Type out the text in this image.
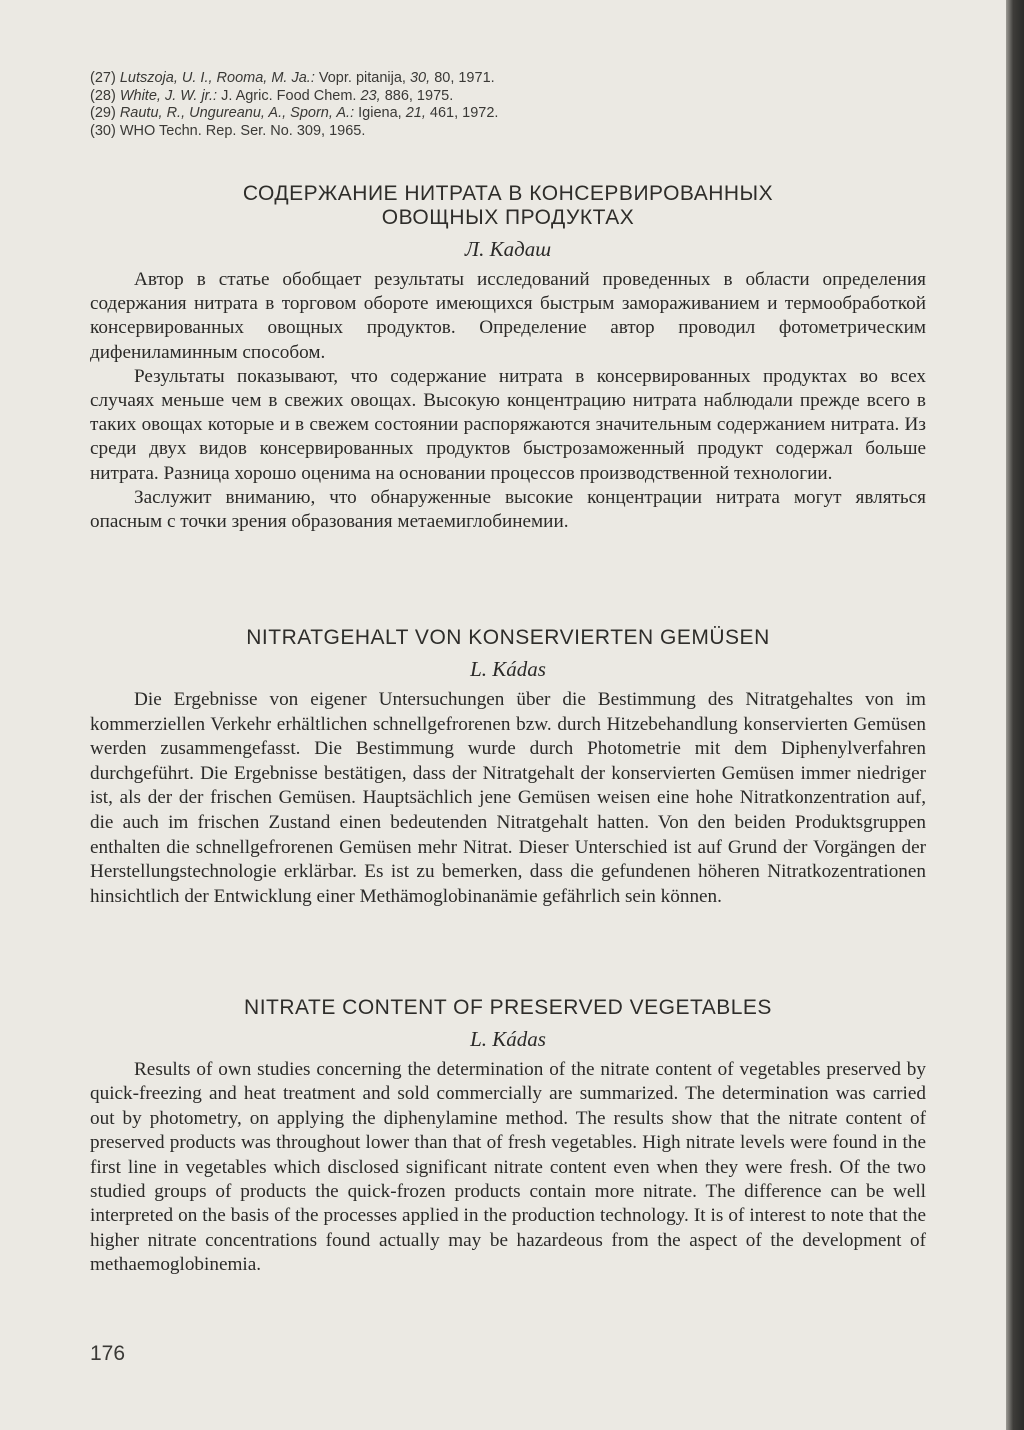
(27) Lutszoja, U. I., Rooma, M. Ja.: Vopr. pitanija, 30, 80, 1971.
(28) White, J. W. jr.: J. Agric. Food Chem. 23, 886, 1975.
(29) Rautu, R., Ungureanu, A., Sporn, A.: Igiena, 21, 461, 1972.
(30) WHO Techn. Rep. Ser. No. 309, 1965.
СОДЕРЖАНИЕ НИТРАТА В КОНСЕРВИРОВАННЫХ
ОВОЩНЫХ ПРОДУКТАХ
Л. Кадаш

Автор в статье обобщает результаты исследований проведенных в области определения содержания нитрата в торговом обороте имеющихся быстрым замораживанием и термообработкой консервированных овощных продуктов. Определение автор проводил фотометрическим дифениламинным способом.

Результаты показывают, что содержание нитрата в консервированных продуктах во всех случаях меньше чем в свежих овощах. Высокую концентрацию нитрата наблюдали прежде всего в таких овощах которые и в свежем состоянии распоряжаются значительным содержанием нитрата. Из среди двух видов консервированных продуктов быстрозаможенный продукт содержал больше нитрата. Разница хорошо оценима на основании процессов производственной технологии.

Заслужит вниманию, что обнаруженные высокие концентрации нитрата могут являться опасным с точки зрения образования метаемиглобинемии.

NITRATGEHALT VON KONSERVIERTEN GEMÜSEN
L. Kádas

Die Ergebnisse von eigener Untersuchungen über die Bestimmung des Nitratgehaltes von im kommerziellen Verkehr erhältlichen schnellgefrorenen bzw. durch Hitzebehandlung konservierten Gemüsen werden zusammengefasst. Die Bestimmung wurde durch Photometrie mit dem Diphenylverfahren durchgeführt. Die Ergebnisse bestätigen, dass der Nitratgehalt der konservierten Gemüsen immer niedriger ist, als der der frischen Gemüsen. Hauptsächlich jene Gemüsen weisen eine hohe Nitratkonzentration auf, die auch im frischen Zustand einen bedeutenden Nitratgehalt hatten. Von den beiden Produktsgruppen enthalten die schnellgefrorenen Gemüsen mehr Nitrat. Dieser Unterschied ist auf Grund der Vorgängen der Herstellungstechnologie erklärbar. Es ist zu bemerken, dass die gefundenen höheren Nitratkozentrationen hinsichtlich der Entwicklung einer Methämoglobinanämie gefährlich sein können.

NITRATE CONTENT OF PRESERVED VEGETABLES
L. Kádas

Results of own studies concerning the determination of the nitrate content of vegetables preserved by quick-freezing and heat treatment and sold commercially are summarized. The determination was carried out by photometry, on applying the diphenylamine method. The results show that the nitrate content of preserved products was throughout lower than that of fresh vegetables. High nitrate levels were found in the first line in vegetables which disclosed significant nitrate content even when they were fresh. Of the two studied groups of products the quick-frozen products contain more nitrate. The difference can be well interpreted on the basis of the processes applied in the production technology. It is of interest to note that the higher nitrate concentrations found actually may be hazardeous from the aspect of the development of methaemoglobinemia.

176
